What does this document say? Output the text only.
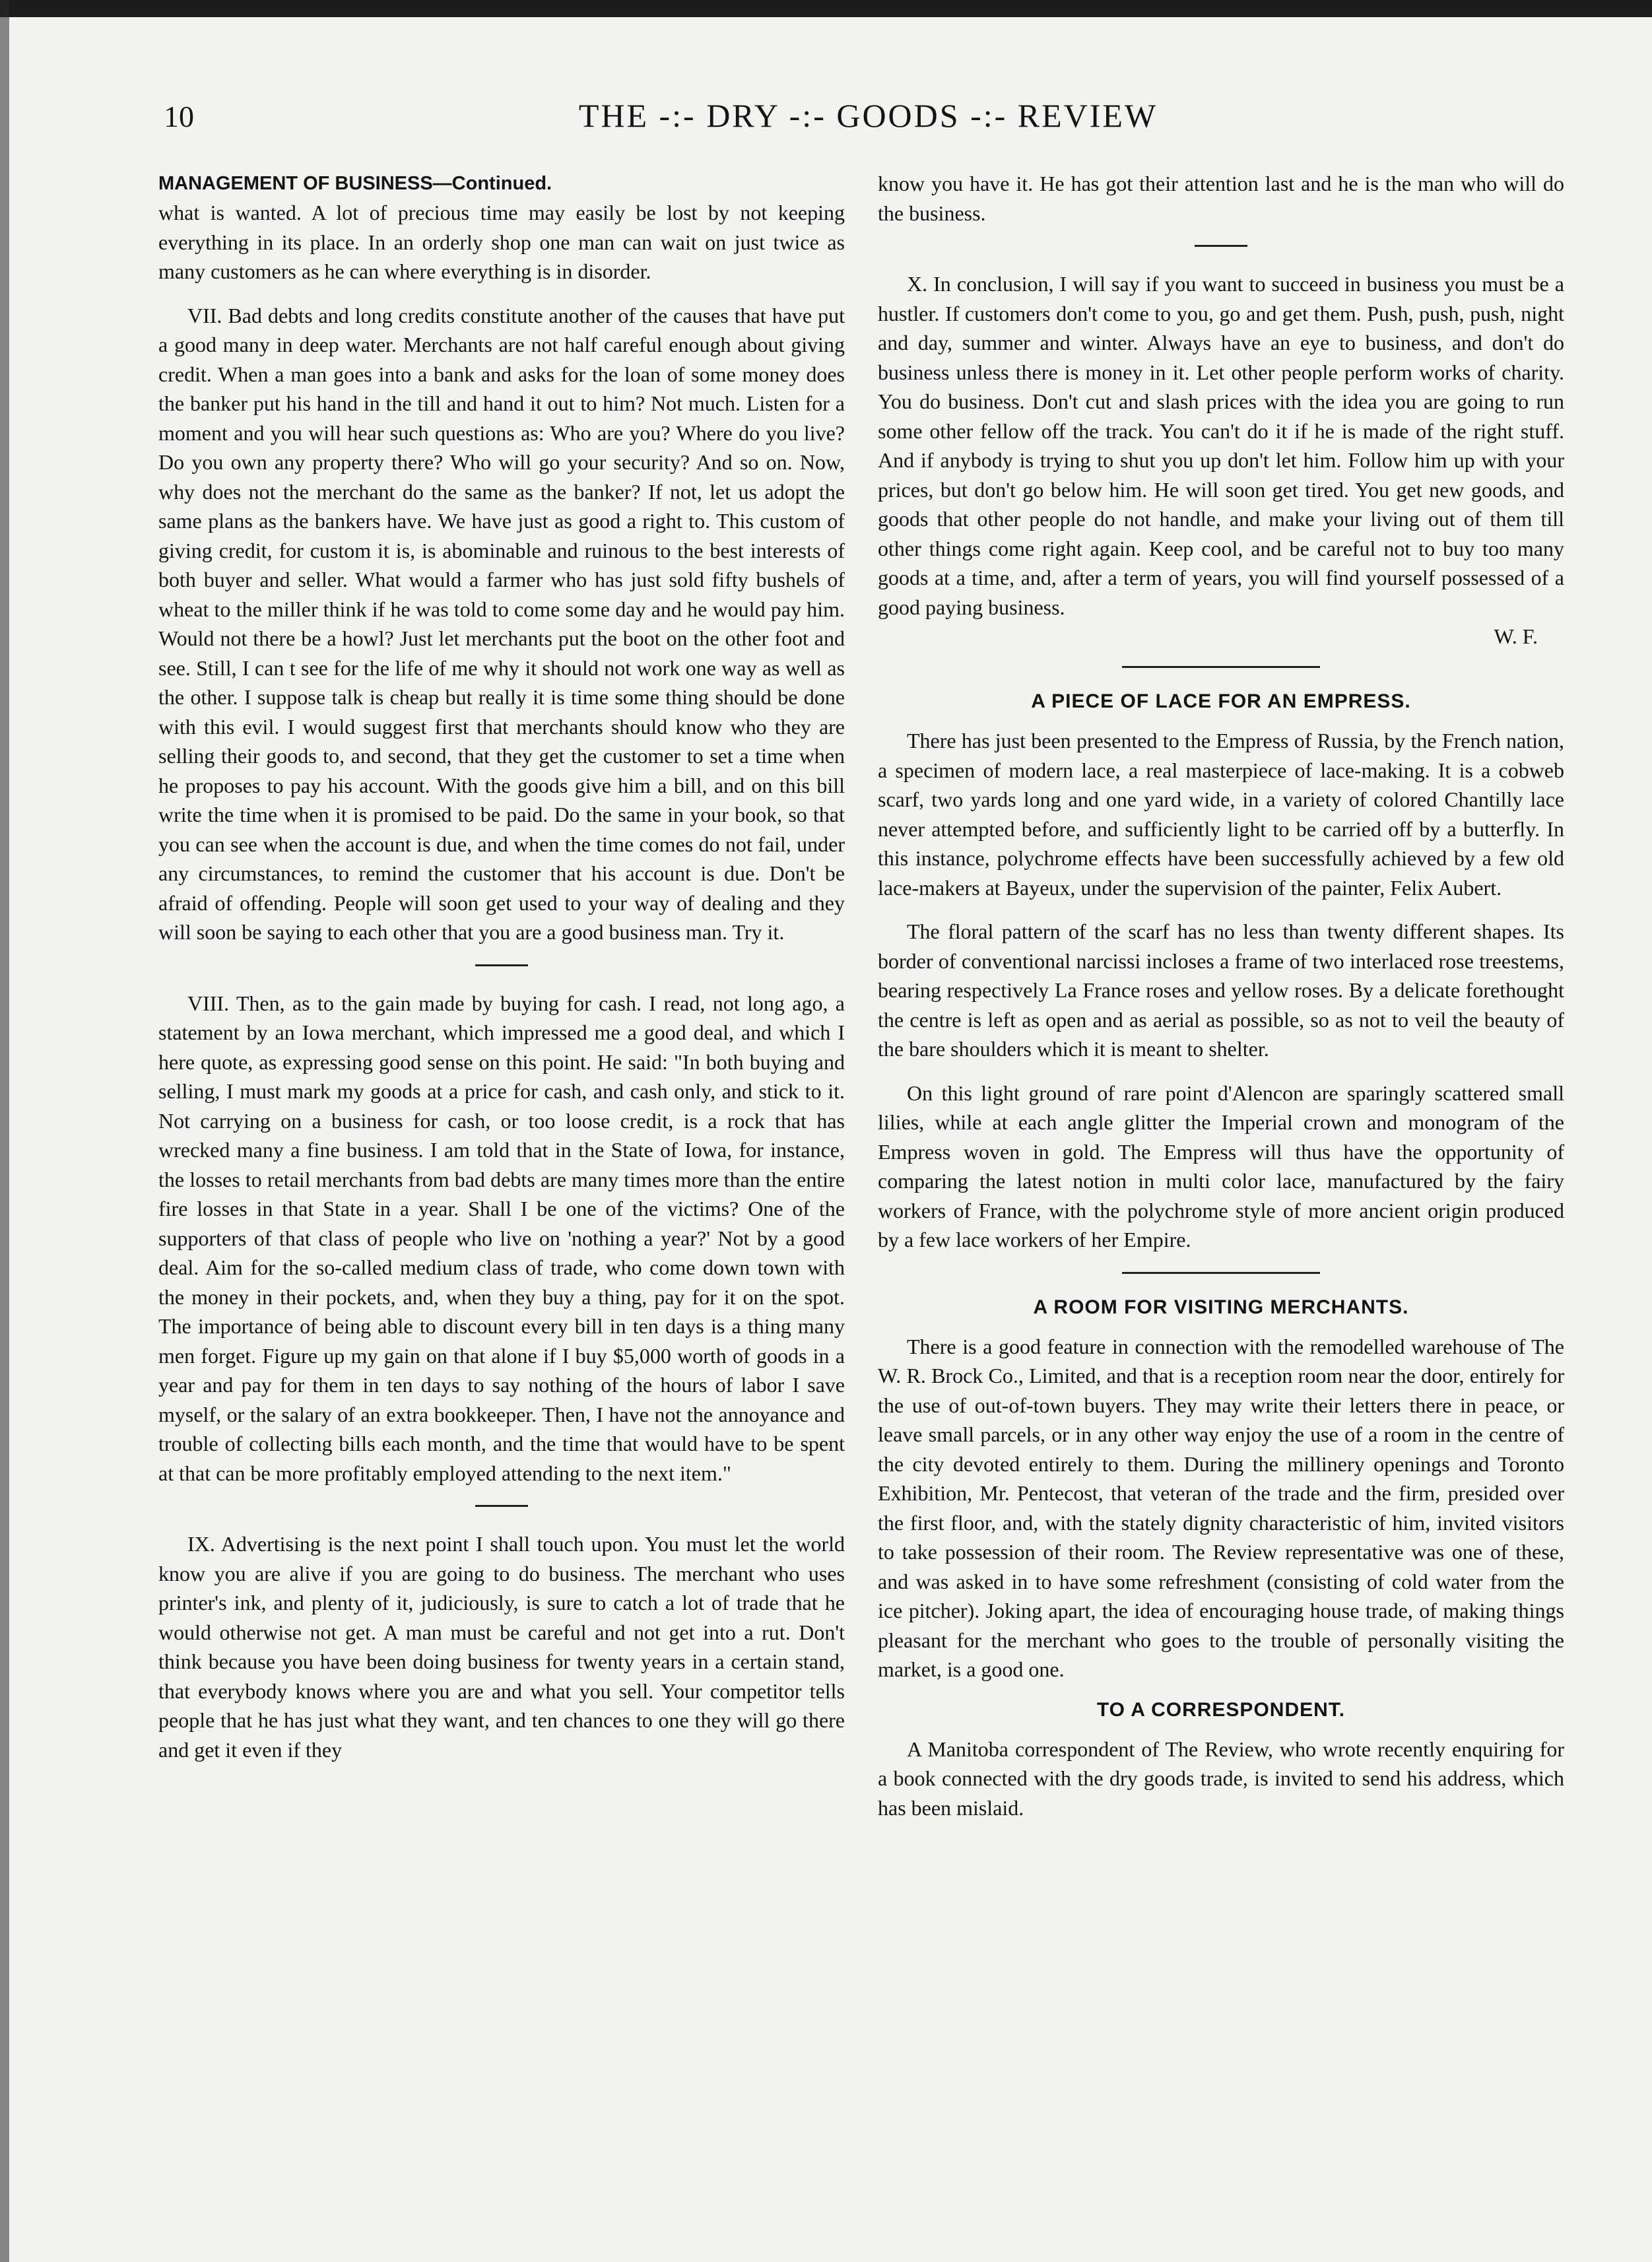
10	THE -:- DRY -:- GOODS -:- REVIEW
MANAGEMENT OF BUSINESS—Continued.

what is wanted. A lot of precious time may easily be lost by not keeping everything in its place. In an orderly shop one man can wait on just twice as many customers as he can where everything is in disorder.

VII. Bad debts and long credits constitute another of the causes that have put a good many in deep water. Merchants are not half careful enough about giving credit. When a man goes into a bank and asks for the loan of some money does the banker put his hand in the till and hand it out to him? Not much. Listen for a moment and you will hear such questions as: Who are you? Where do you live? Do you own any property there? Who will go your security? And so on. Now, why does not the merchant do the same as the banker? If not, let us adopt the same plans as the bankers have. We have just as good a right to. This custom of giving credit, for custom it is, is abominable and ruinous to the best interests of both buyer and seller. What would a farmer who has just sold fifty bushels of wheat to the miller think if he was told to come some day and he would pay him. Would not there be a howl? Just let merchants put the boot on the other foot and see. Still, I can t see for the life of me why it should not work one way as well as the other. I suppose talk is cheap but really it is time some thing should be done with this evil. I would suggest first that merchants should know who they are selling their goods to, and second, that they get the customer to set a time when he proposes to pay his account. With the goods give him a bill, and on this bill write the time when it is promised to be paid. Do the same in your book, so that you can see when the account is due, and when the time comes do not fail, under any circumstances, to remind the customer that his account is due. Don't be afraid of offending. People will soon get used to your way of dealing and they will soon be saying to each other that you are a good business man. Try it.

VIII. Then, as to the gain made by buying for cash. I read, not long ago, a statement by an Iowa merchant, which impressed me a good deal, and which I here quote, as expressing good sense on this point. He said: "In both buying and selling, I must mark my goods at a price for cash, and cash only, and stick to it. Not carrying on a business for cash, or too loose credit, is a rock that has wrecked many a fine business. I am told that in the State of Iowa, for instance, the losses to retail merchants from bad debts are many times more than the entire fire losses in that State in a year. Shall I be one of the victims? One of the supporters of that class of people who live on 'nothing a year?' Not by a good deal. Aim for the so-called medium class of trade, who come down town with the money in their pockets, and, when they buy a thing, pay for it on the spot. The importance of being able to discount every bill in ten days is a thing many men forget. Figure up my gain on that alone if I buy $5,000 worth of goods in a year and pay for them in ten days to say nothing of the hours of labor I save myself, or the salary of an extra bookkeeper. Then, I have not the annoyance and trouble of collecting bills each month, and the time that would have to be spent at that can be more profitably employed attending to the next item."

IX. Advertising is the next point I shall touch upon. You must let the world know you are alive if you are going to do business. The merchant who uses printer's ink, and plenty of it, judiciously, is sure to catch a lot of trade that he would otherwise not get. A man must be careful and not get into a rut. Don't think because you have been doing business for twenty years in a certain stand, that everybody knows where you are and what you sell. Your competitor tells people that he has just what they want, and ten chances to one they will go there and get it even if they

know you have it. He has got their attention last and he is the man who will do the business.

X. In conclusion, I will say if you want to succeed in business you must be a hustler. If customers don't come to you, go and get them. Push, push, push, night and day, summer and winter. Always have an eye to business, and don't do business unless there is money in it. Let other people perform works of charity. You do business. Don't cut and slash prices with the idea you are going to run some other fellow off the track. You can't do it if he is made of the right stuff. And if anybody is trying to shut you up don't let him. Follow him up with your prices, but don't go below him. He will soon get tired. You get new goods, and goods that other people do not handle, and make your living out of them till other things come right again. Keep cool, and be careful not to buy too many goods at a time, and, after a term of years, you will find yourself possessed of a good paying business.

W. F.
A PIECE OF LACE FOR AN EMPRESS.

There has just been presented to the Empress of Russia, by the French nation, a specimen of modern lace, a real masterpiece of lace-making. It is a cobweb scarf, two yards long and one yard wide, in a variety of colored Chantilly lace never attempted before, and sufficiently light to be carried off by a butterfly. In this instance, polychrome effects have been successfully achieved by a few old lace-makers at Bayeux, under the supervision of the painter, Felix Aubert.

The floral pattern of the scarf has no less than twenty different shapes. Its border of conventional narcissi incloses a frame of two interlaced rose treestems, bearing respectively La France roses and yellow roses. By a delicate forethought the centre is left as open and as aerial as possible, so as not to veil the beauty of the bare shoulders which it is meant to shelter.

On this light ground of rare point d'Alencon are sparingly scattered small lilies, while at each angle glitter the Imperial crown and monogram of the Empress woven in gold. The Empress will thus have the opportunity of comparing the latest notion in multi color lace, manufactured by the fairy workers of France, with the polychrome style of more ancient origin produced by a few lace workers of her Empire.

A ROOM FOR VISITING MERCHANTS.

There is a good feature in connection with the remodelled warehouse of The W. R. Brock Co., Limited, and that is a reception room near the door, entirely for the use of out-of-town buyers. They may write their letters there in peace, or leave small parcels, or in any other way enjoy the use of a room in the centre of the city devoted entirely to them. During the millinery openings and Toronto Exhibition, Mr. Pentecost, that veteran of the trade and the firm, presided over the first floor, and, with the stately dignity characteristic of him, invited visitors to take possession of their room. The Review representative was one of these, and was asked in to have some refreshment (consisting of cold water from the ice pitcher). Joking apart, the idea of encouraging house trade, of making things pleasant for the merchant who goes to the trouble of personally visiting the market, is a good one.

TO A CORRESPONDENT.

A Manitoba correspondent of The Review, who wrote recently enquiring for a book connected with the dry goods trade, is invited to send his address, which has been mislaid.
